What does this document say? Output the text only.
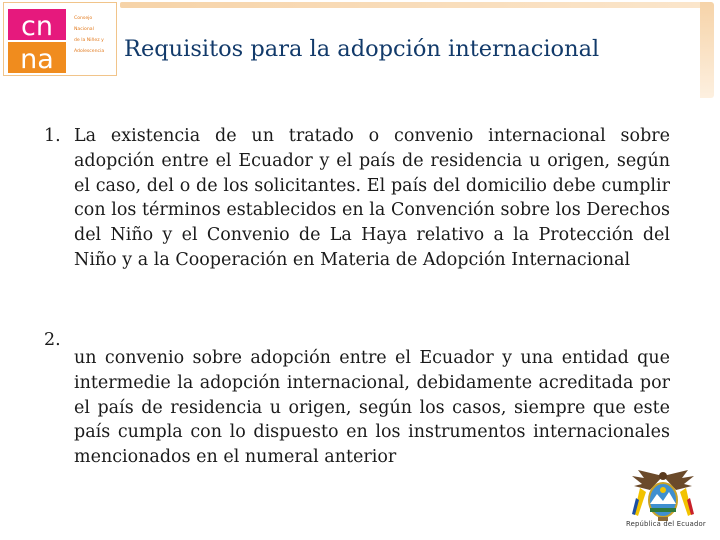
cn
na
Consejo
Nacional
de la Niñez y
Adolescencia Requisitos para la adopción internacional
1. La existencia de un tratado o convenio internacional sobre adopción entre el Ecuador y el país de residencia u origen, según el caso, del o de los solicitantes. El país del domicilio debe cumplir con los términos establecidos en la Convención sobre los Derechos del Niño y el Convenio de La Haya relativo a la Protección del Niño y a la Cooperación en Materia de Adopción Internacional

2.

un convenio sobre adopción entre el Ecuador y una entidad que intermedie la adopción internacional, debidamente acreditada por el país de residencia u origen, según los casos, siempre que este país cumpla con lo dispuesto en los instrumentos internacionales mencionados en el numeral anterior

República del Ecuador
